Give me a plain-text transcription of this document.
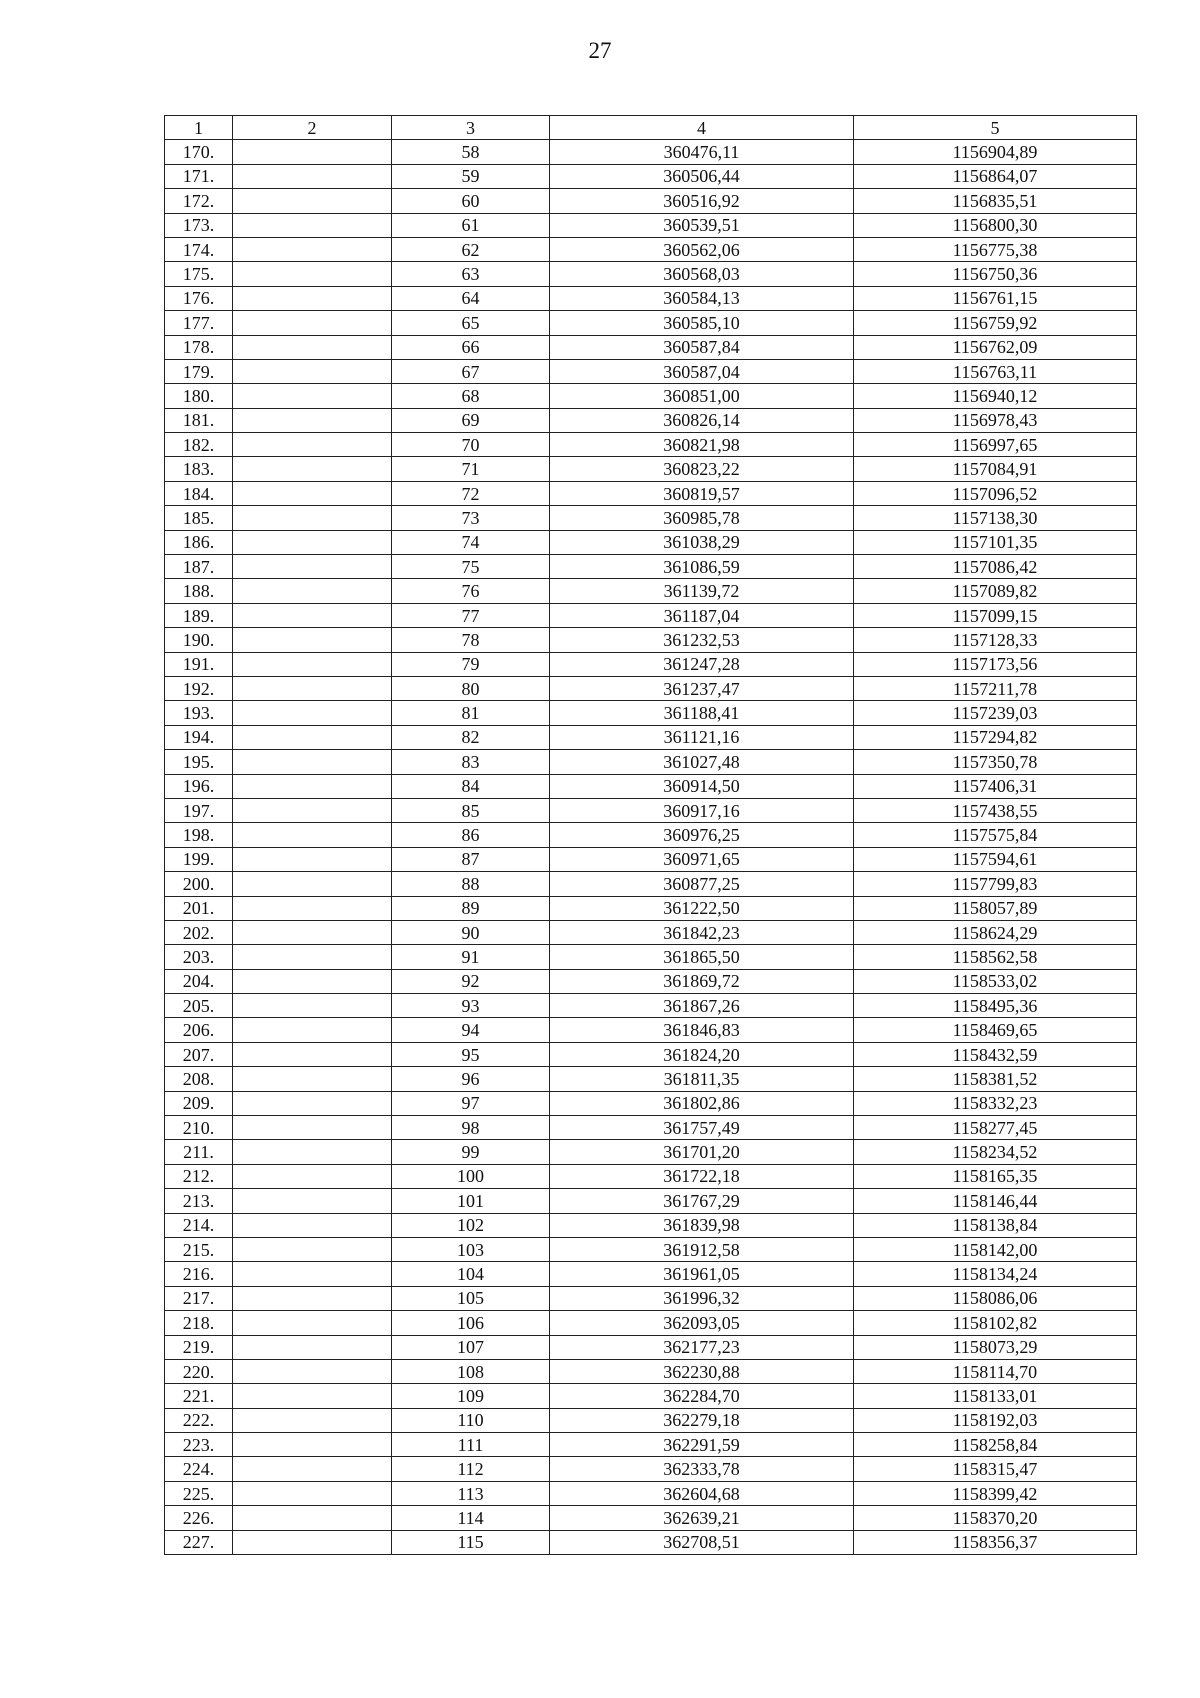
27
1	2	3	4	5
170.		58	360476,11	1156904,89
171.		59	360506,44	1156864,07
172.		60	360516,92	1156835,51
173.		61	360539,51	1156800,30
174.		62	360562,06	1156775,38
175.		63	360568,03	1156750,36
176.		64	360584,13	1156761,15
177.		65	360585,10	1156759,92
178.		66	360587,84	1156762,09
179.		67	360587,04	1156763,11
180.		68	360851,00	1156940,12
181.		69	360826,14	1156978,43
182.		70	360821,98	1156997,65
183.		71	360823,22	1157084,91
184.		72	360819,57	1157096,52
185.		73	360985,78	1157138,30
186.		74	361038,29	1157101,35
187.		75	361086,59	1157086,42
188.		76	361139,72	1157089,82
189.		77	361187,04	1157099,15
190.		78	361232,53	1157128,33
191.		79	361247,28	1157173,56
192.		80	361237,47	1157211,78
193.		81	361188,41	1157239,03
194.		82	361121,16	1157294,82
195.		83	361027,48	1157350,78
196.		84	360914,50	1157406,31
197.		85	360917,16	1157438,55
198.		86	360976,25	1157575,84
199.		87	360971,65	1157594,61
200.		88	360877,25	1157799,83
201.		89	361222,50	1158057,89
202.		90	361842,23	1158624,29
203.		91	361865,50	1158562,58
204.		92	361869,72	1158533,02
205.		93	361867,26	1158495,36
206.		94	361846,83	1158469,65
207.		95	361824,20	1158432,59
208.		96	361811,35	1158381,52
209.		97	361802,86	1158332,23
210.		98	361757,49	1158277,45
211.		99	361701,20	1158234,52
212.		100	361722,18	1158165,35
213.		101	361767,29	1158146,44
214.		102	361839,98	1158138,84
215.		103	361912,58	1158142,00
216.		104	361961,05	1158134,24
217.		105	361996,32	1158086,06
218.		106	362093,05	1158102,82
219.		107	362177,23	1158073,29
220.		108	362230,88	1158114,70
221.		109	362284,70	1158133,01
222.		110	362279,18	1158192,03
223.		111	362291,59	1158258,84
224.		112	362333,78	1158315,47
225.		113	362604,68	1158399,42
226.		114	362639,21	1158370,20
227.		115	362708,51	1158356,37
